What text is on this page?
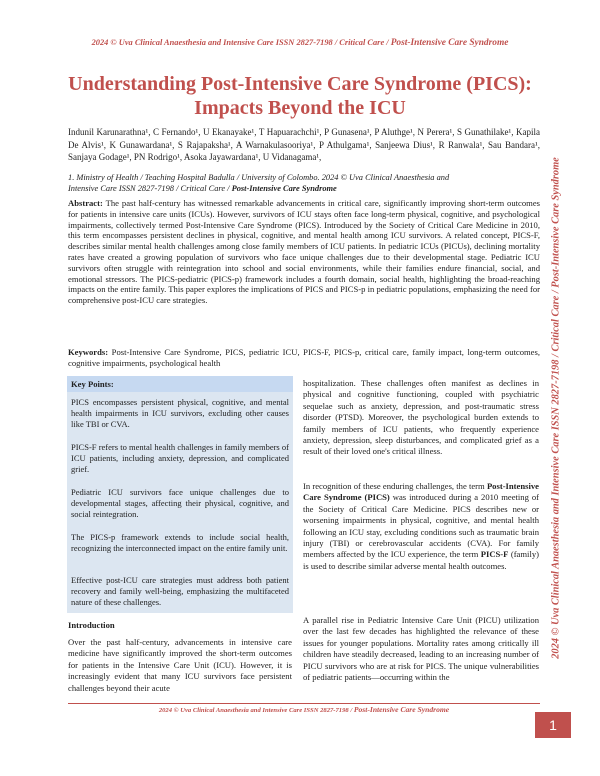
2024 © Uva Clinical Anaesthesia and Intensive Care ISSN 2827-7198 / Critical Care / Post-Intensive Care Syndrome
2024 © Uva Clinical Anaesthesia and Intensive Care ISSN 2827-7198 / Critical Care / Post-Intensive Care Syndrome
Understanding Post-Intensive Care Syndrome (PICS):
Impacts Beyond the ICU
Indunil Karunarathna¹, C Fernando¹, U Ekanayake¹, T Hapuarachchi¹, P Gunasena¹, P Aluthge¹, N Perera¹, S Gunathilake¹, Kapila De Alvis¹, K Gunawardana¹, S Rajapaksha¹, A Warnakulasooriya¹, P Athulgama¹, Sanjeewa Dius¹, R Ranwala¹, Sau Bandara¹, Sanjaya Godage¹, PN Rodrigo¹, Asoka Jayawardana¹, U Vidanagama¹,
1. Ministry of Health / Teaching Hospital Badulla / University of Colombo. 2024 © Uva Clinical Anaesthesia and
Intensive Care ISSN 2827-7198 / Critical Care / Post-Intensive Care Syndrome
Abstract: The past half-century has witnessed remarkable advancements in critical care, significantly improving short-term outcomes for patients in intensive care units (ICUs). However, survivors of ICU stays often face long-term physical, cognitive, and psychological impairments, collectively termed Post-Intensive Care Syndrome (PICS). Introduced by the Society of Critical Care Medicine in 2010, this term encompasses persistent declines in physical, cognitive, and mental health among ICU survivors. A related concept, PICS-F, describes similar mental health challenges among close family members of ICU patients. In pediatric ICUs (PICUs), declining mortality rates have created a growing population of survivors who face unique challenges due to their developmental stage. Pediatric ICU survivors often struggle with reintegration into school and social environments, while their families endure financial, social, and emotional stressors. The PICS-pediatric (PICS-p) framework includes a fourth domain, social health, highlighting the broad-reaching impacts on the entire family. This paper explores the implications of PICS and PICS-p in pediatric populations, emphasizing the need for comprehensive post-ICU care strategies.
Keywords: Post-Intensive Care Syndrome, PICS, pediatric ICU, PICS-F, PICS-p, critical care, family impact, long-term outcomes, cognitive impairments, psychological health
Key Points:
PICS encompasses persistent physical, cognitive, and mental health impairments in ICU survivors, excluding other causes like TBI or CVA.
PICS-F refers to mental health challenges in family members of ICU patients, including anxiety, depression, and complicated grief.
Pediatric ICU survivors face unique challenges due to developmental stages, affecting their physical, cognitive, and social reintegration.
The PICS-p framework extends to include social health, recognizing the interconnected impact on the entire family unit.
Effective post-ICU care strategies must address both patient recovery and family well-being, emphasizing the multifaceted nature of these challenges.
Introduction
Over the past half-century, advancements in intensive care medicine have significantly improved the short-term outcomes for patients in the Intensive Care Unit (ICU). However, it is increasingly evident that many ICU survivors face persistent challenges beyond their acute
hospitalization. These challenges often manifest as declines in physical and cognitive functioning, coupled with psychiatric sequelae such as anxiety, depression, and post-traumatic stress disorder (PTSD). Moreover, the psychological burden extends to family members of ICU patients, who frequently experience anxiety, depression, sleep disturbances, and complicated grief as a result of their loved one's critical illness.
In recognition of these enduring challenges, the term Post-Intensive Care Syndrome (PICS) was introduced during a 2010 meeting of the Society of Critical Care Medicine. PICS describes new or worsening impairments in physical, cognitive, and mental health following an ICU stay, excluding conditions such as traumatic brain injury (TBI) or cerebrovascular accidents (CVA). For family members affected by the ICU experience, the term PICS-F (family) is used to describe similar adverse mental health outcomes.
A parallel rise in Pediatric Intensive Care Unit (PICU) utilization over the last few decades has highlighted the relevance of these issues for younger populations. Mortality rates among critically ill children have steadily decreased, leading to an increasing number of PICU survivors who are at risk for PICS. The unique vulnerabilities of pediatric patients—occurring within the
2024 © Uva Clinical Anaesthesia and Intensive Care ISSN 2827-7198 / Post-Intensive Care Syndrome
1
